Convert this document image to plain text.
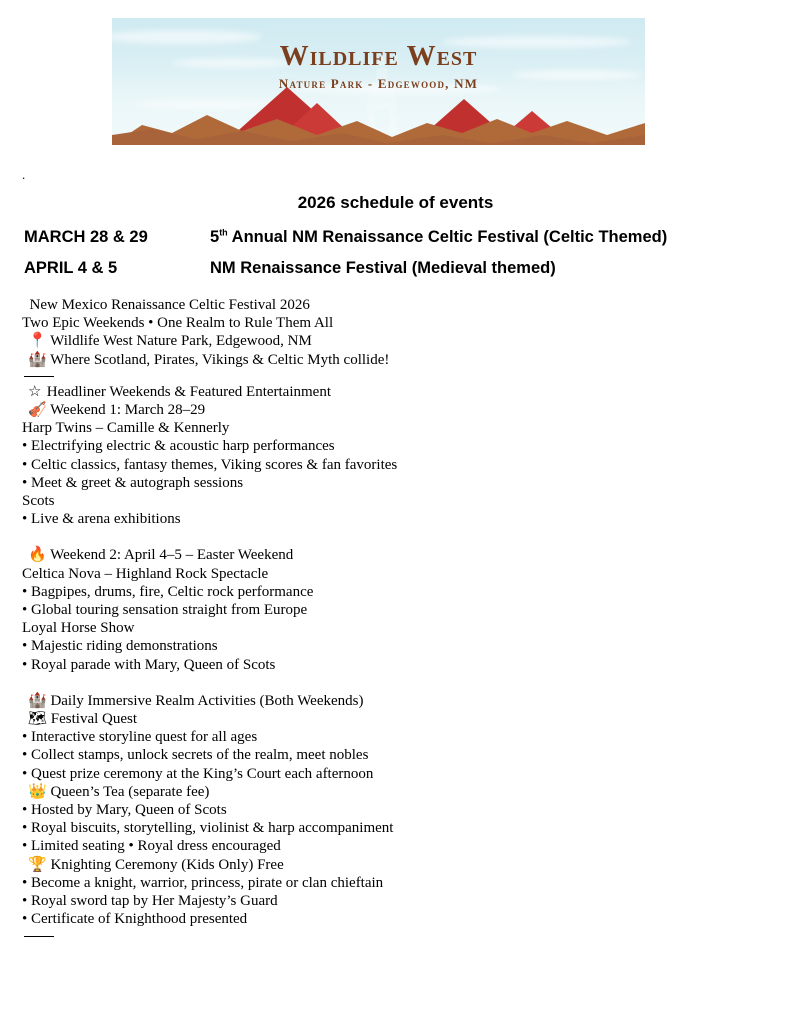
Wildlife West
Nature Park - Edgewood, NM
.
2026 schedule of events
MARCH 28 & 29	5th Annual NM Renaissance Celtic Festival (Celtic Themed)
APRIL 4 & 5	NM Renaissance Festival (Medieval themed)
New Mexico Renaissance Celtic Festival 2026
Two Epic Weekends • One Realm to Rule Them All
📍 Wildlife West Nature Park, Edgewood, NM
🏰 Where Scotland, Pirates, Vikings & Celtic Myth collide!
☆ Headliner Weekends & Featured Entertainment
🎻 Weekend 1: March 28–29
Harp Twins – Camille & Kennerly
• Electrifying electric & acoustic harp performances
• Celtic classics, fantasy themes, Viking scores & fan favorites
• Meet & greet & autograph sessions
Scots
• Live & arena exhibitions
🔥 Weekend 2: April 4–5 – Easter Weekend
Celtica Nova – Highland Rock Spectacle
• Bagpipes, drums, fire, Celtic rock performance
• Global touring sensation straight from Europe
Loyal Horse Show
• Majestic riding demonstrations
• Royal parade with Mary, Queen of Scots
🏰 Daily Immersive Realm Activities (Both Weekends)
🗺 Festival Quest
• Interactive storyline quest for all ages
• Collect stamps, unlock secrets of the realm, meet nobles
• Quest prize ceremony at the King’s Court each afternoon
👑 Queen’s Tea (separate fee)
• Hosted by Mary, Queen of Scots
• Royal biscuits, storytelling, violinist & harp accompaniment
• Limited seating • Royal dress encouraged
🏆 Knighting Ceremony (Kids Only) Free
• Become a knight, warrior, princess, pirate or clan chieftain
• Royal sword tap by Her Majesty’s Guard
• Certificate of Knighthood presented
